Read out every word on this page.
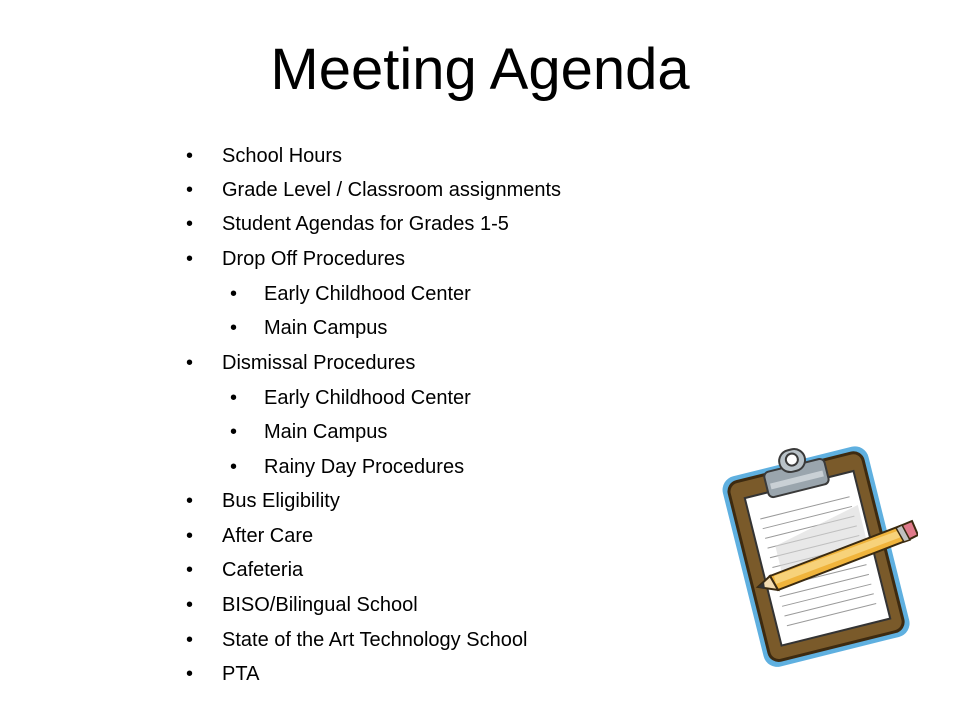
Meeting Agenda
• School Hours
• Grade Level / Classroom assignments
• Student Agendas for Grades 1-5
• Drop Off Procedures
• Early Childhood Center
• Main Campus
• Dismissal Procedures
• Early Childhood Center
• Main Campus
• Rainy Day Procedures
• Bus Eligibility
• After Care
• Cafeteria
• BISO/Bilingual School
• State of the Art Technology School
• PTA
